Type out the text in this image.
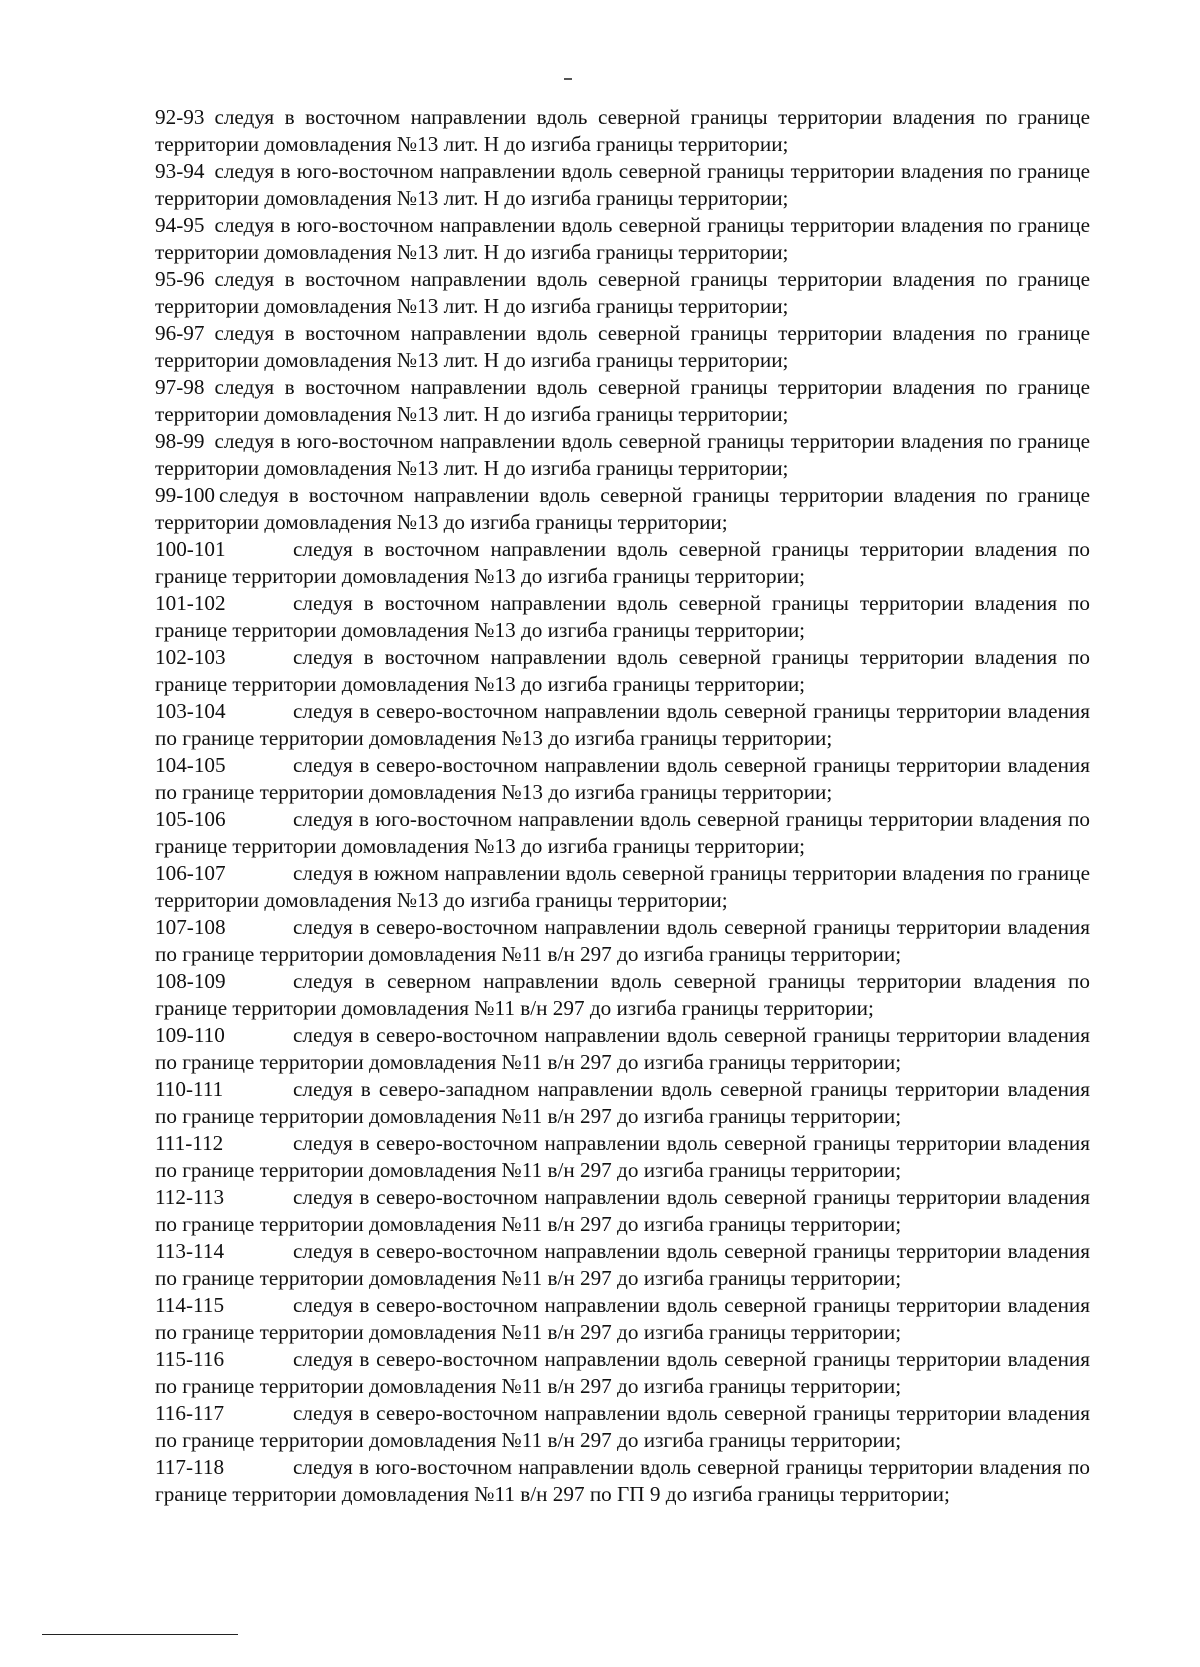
92-93 следуя в восточном направлении вдоль северной границы территории владения по границе территории домовладения №13 лит. Н до изгиба границы территории;
93-94 следуя в юго-восточном направлении вдоль северной границы территории владения по границе территории домовладения №13 лит. Н до изгиба границы территории;
94-95 следуя в юго-восточном направлении вдоль северной границы территории владения по границе территории домовладения №13 лит. Н до изгиба границы территории;
95-96 следуя в восточном направлении вдоль северной границы территории владения по границе территории домовладения №13 лит. Н до изгиба границы территории;
96-97 следуя в восточном направлении вдоль северной границы территории владения по границе территории домовладения №13 лит. Н до изгиба границы территории;
97-98 следуя в восточном направлении вдоль северной границы территории владения по границе территории домовладения №13 лит. Н до изгиба границы территории;
98-99 следуя в юго-восточном направлении вдоль северной границы территории владения по границе территории домовладения №13 лит. Н до изгиба границы территории;
99-100 следуя в восточном направлении вдоль северной границы территории владения по границе территории домовладения №13 до изгиба границы территории;
100-101	следуя в восточном направлении вдоль северной границы территории владения по границе территории домовладения №13 до изгиба границы территории;
101-102	следуя в восточном направлении вдоль северной границы территории владения по границе территории домовладения №13 до изгиба границы территории;
102-103	следуя в восточном направлении вдоль северной границы территории владения по границе территории домовладения №13 до изгиба границы территории;
103-104	следуя в северо-восточном направлении вдоль северной границы территории владения по границе территории домовладения №13 до изгиба границы территории;
104-105	следуя в северо-восточном направлении вдоль северной границы территории владения по границе территории домовладения №13 до изгиба границы территории;
105-106	следуя в юго-восточном направлении вдоль северной границы территории владения по границе территории домовладения №13 до изгиба границы территории;
106-107	следуя в южном направлении вдоль северной границы территории владения по границе территории домовладения №13 до изгиба границы территории;
107-108	следуя в северо-восточном направлении вдоль северной границы территории владения по границе территории домовладения №11 в/н 297 до изгиба границы территории;
108-109	следуя в северном направлении вдоль северной границы территории владения по границе территории домовладения №11 в/н 297 до изгиба границы территории;
109-110	следуя в северо-восточном направлении вдоль северной границы территории владения по границе территории домовладения №11 в/н 297 до изгиба границы территории;
110-111	следуя в северо-западном направлении вдоль северной границы территории владения по границе территории домовладения №11 в/н 297 до изгиба границы территории;
111-112	следуя в северо-восточном направлении вдоль северной границы территории владения по границе территории домовладения №11 в/н 297 до изгиба границы территории;
112-113	следуя в северо-восточном направлении вдоль северной границы территории владения по границе территории домовладения №11 в/н 297 до изгиба границы территории;
113-114	следуя в северо-восточном направлении вдоль северной границы территории владения по границе территории домовладения №11 в/н 297 до изгиба границы территории;
114-115	следуя в северо-восточном направлении вдоль северной границы территории владения по границе территории домовладения №11 в/н 297 до изгиба границы территории;
115-116	следуя в северо-восточном направлении вдоль северной границы территории владения по границе территории домовладения №11 в/н 297 до изгиба границы территории;
116-117	следуя в северо-восточном направлении вдоль северной границы территории владения по границе территории домовладения №11 в/н 297 до изгиба границы территории;
117-118	следуя в юго-восточном направлении вдоль северной границы территории владения по границе территории домовладения №11 в/н 297 по ГП 9 до изгиба границы территории;
